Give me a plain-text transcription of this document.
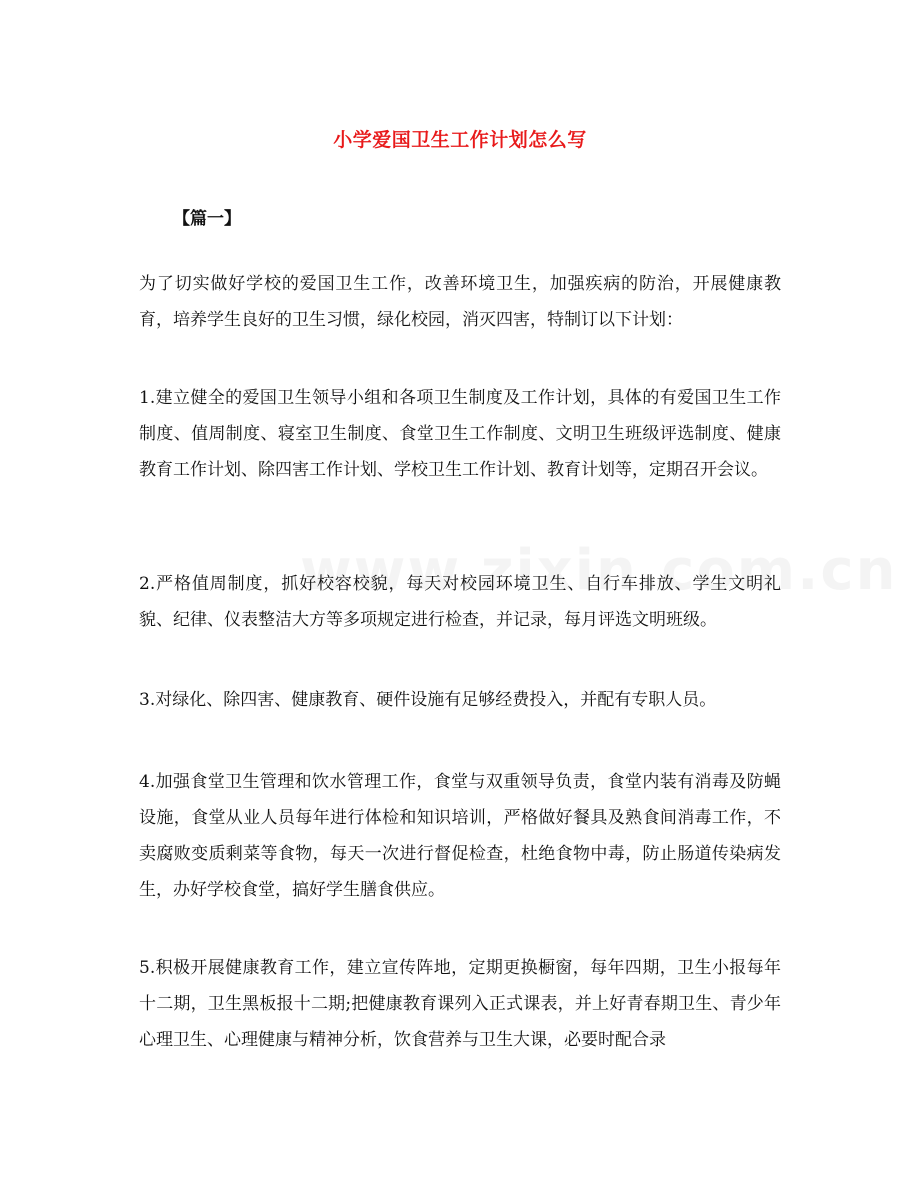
小学爱国卫生工作计划怎么写
【篇一】

为了切实做好学校的爱国卫生工作，改善环境卫生，加强疾病的防治，开展健康教育，培养学生良好的卫生习惯，绿化校园，消灭四害，特制订以下计划：

1.建立健全的爱国卫生领导小组和各项卫生制度及工作计划，具体的有爱国卫生工作制度、值周制度、寝室卫生制度、食堂卫生工作制度、文明卫生班级评选制度、健康教育工作计划、除四害工作计划、学校卫生工作计划、教育计划等，定期召开会议。

2.严格值周制度，抓好校容校貌，每天对校园环境卫生、自行车排放、学生文明礼貌、纪律、仪表整洁大方等多项规定进行检查，并记录，每月评选文明班级。

3.对绿化、除四害、健康教育、硬件设施有足够经费投入，并配有专职人员。

4.加强食堂卫生管理和饮水管理工作，食堂与双重领导负责，食堂内装有消毒及防蝇设施，食堂从业人员每年进行体检和知识培训，严格做好餐具及熟食间消毒工作，不卖腐败变质剩菜等食物，每天一次进行督促检查，杜绝食物中毒，防止肠道传染病发生，办好学校食堂，搞好学生膳食供应。

5.积极开展健康教育工作，建立宣传阵地，定期更换橱窗，每年四期，卫生小报每年十二期，卫生黑板报十二期;把健康教育课列入正式课表，并上好青春期卫生、青少年心理卫生、心理健康与精神分析，饮食营养与卫生大课，必要时配合录
